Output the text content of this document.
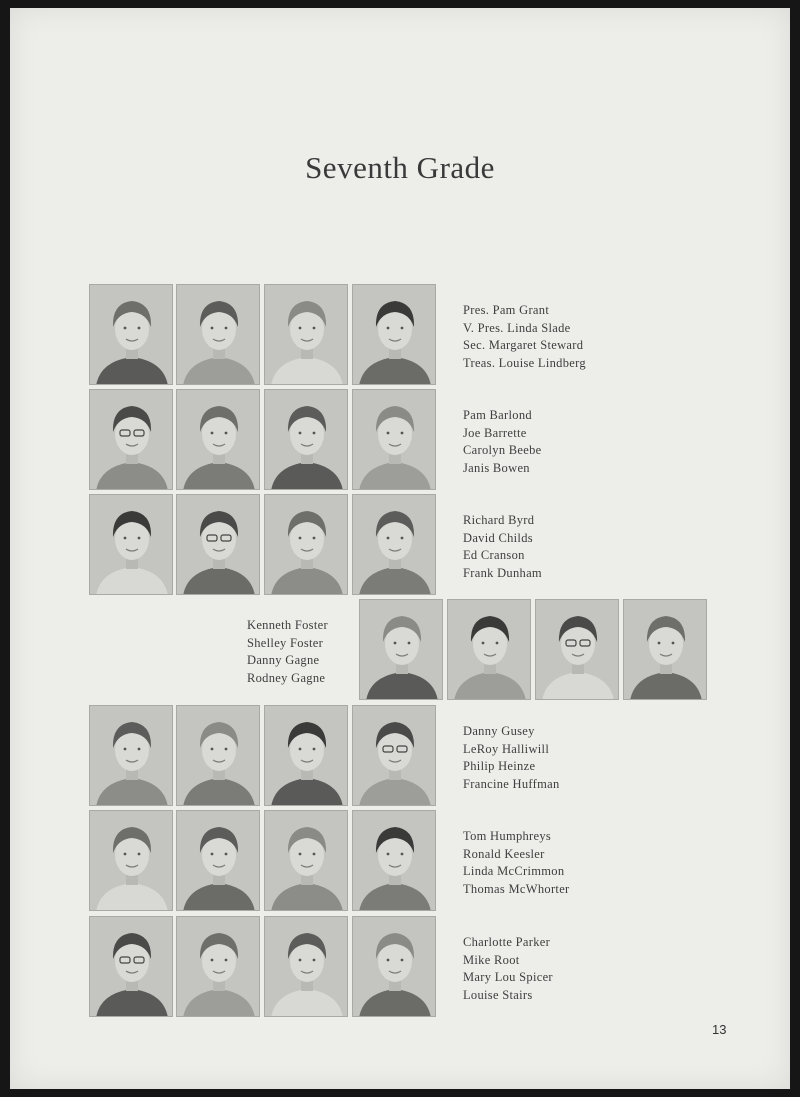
Seventh Grade
Pres. Pam Grant
V. Pres. Linda Slade
Sec. Margaret Steward
Treas. Louise Lindberg
Pam Barlond
Joe Barrette
Carolyn Beebe
Janis Bowen
Richard Byrd
David Childs
Ed Cranson
Frank Dunham
Kenneth Foster
Shelley Foster
Danny Gagne
Rodney Gagne
Danny Gusey
LeRoy Halliwill
Philip Heinze
Francine Huffman
Tom Humphreys
Ronald Keesler
Linda McCrimmon
Thomas McWhorter
Charlotte Parker
Mike Root
Mary Lou Spicer
Louise Stairs
13
